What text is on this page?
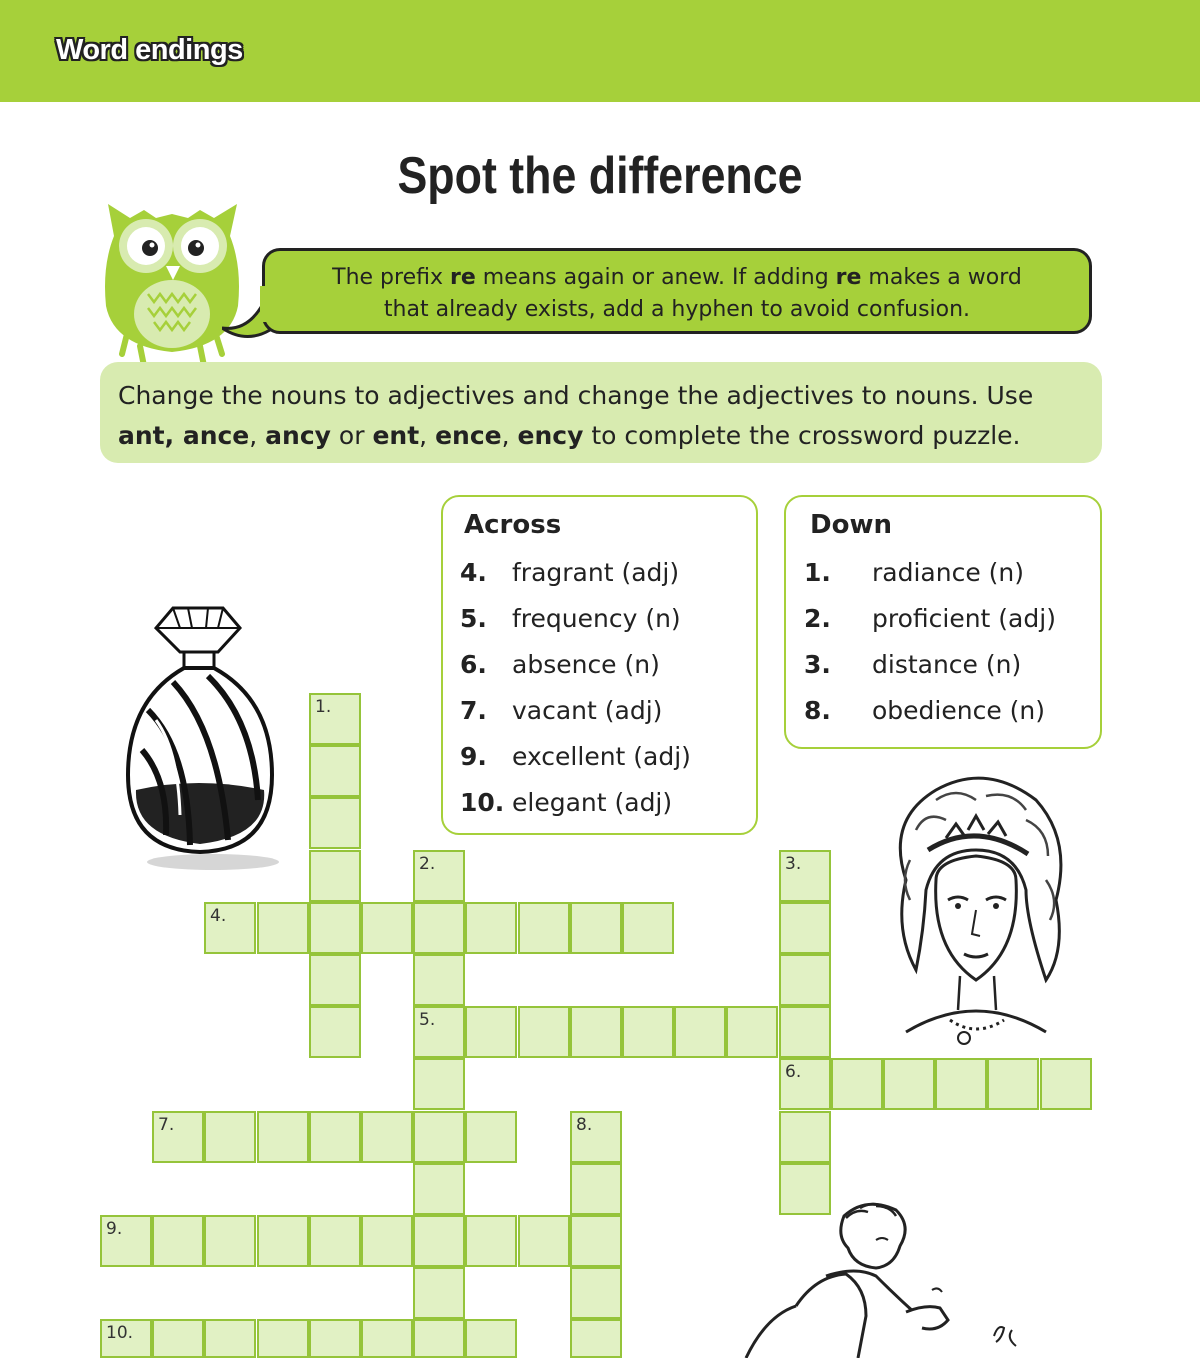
Word endings
Spot the difference
The prefix re means again or anew. If adding re makes a word
that already exists, add a hyphen to avoid confusion.
Change the nouns to adjectives and change the adjectives to nouns. Use
ant, ance, ancy or ent, ence, ency to complete the crossword puzzle.
Across
4. fragrant (adj)
5. frequency (n)
6. absence (n)
7. vacant (adj)
9. excellent (adj)
10. elegant (adj)
Down
1. radiance (n)
2. proficient (adj)
3. distance (n)
8. obedience (n)
1.
2.
5.
3.
6.
4.
7.	8.
9.
10.
